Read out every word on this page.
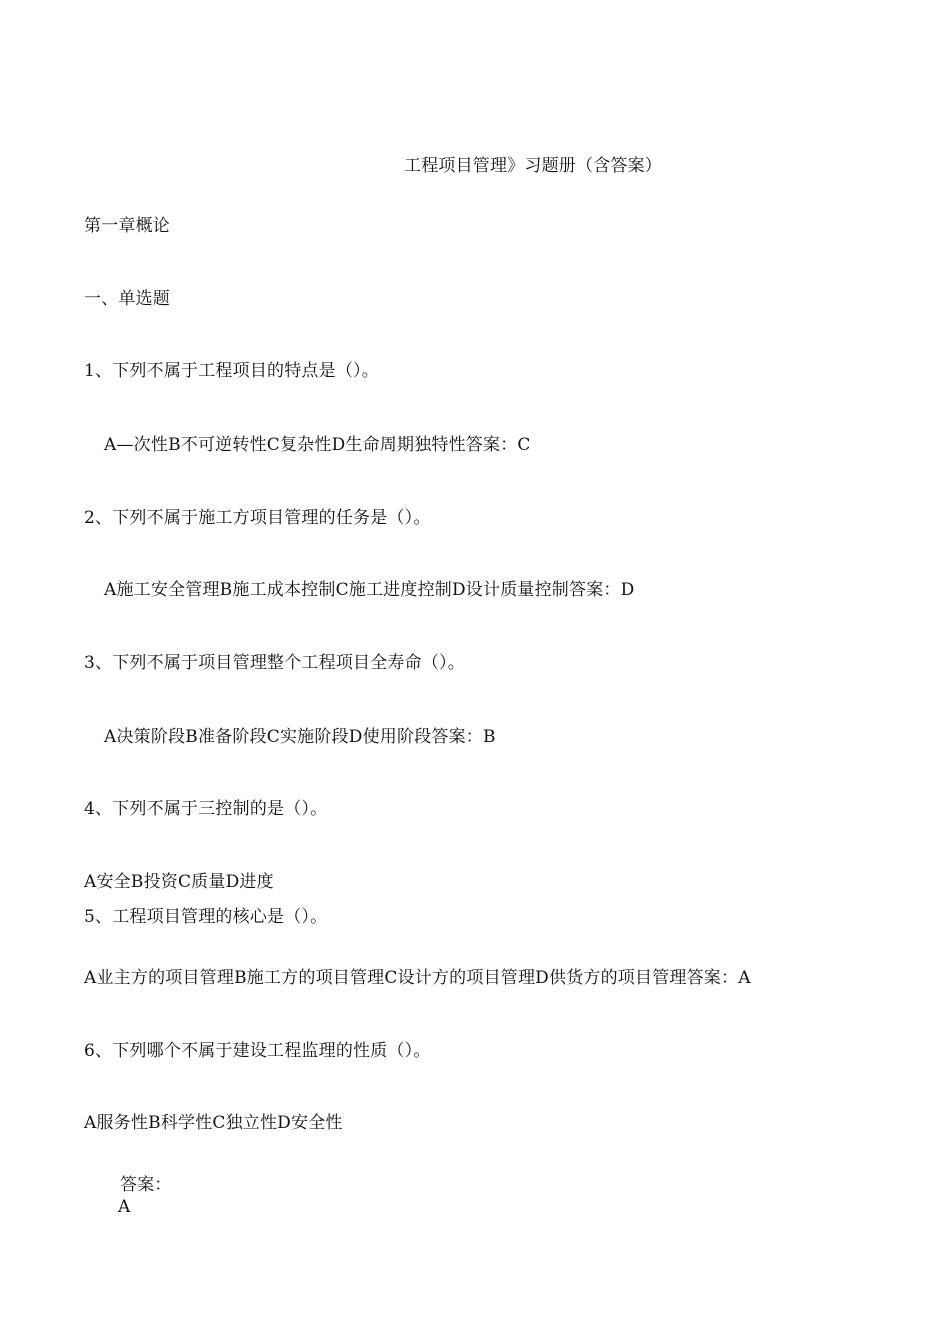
工程项目管理》习题册（含答案）
第一章概论
一、单选题
1、下列不属于工程项目的特点是（）。
A—次性B不可逆转性C复杂性D生命周期独特性答案：C
2、下列不属于施工方项目管理的任务是（）。
A施工安全管理B施工成本控制C施工进度控制D设计质量控制答案：D
3、下列不属于项目管理整个工程项目全寿命（）。
A决策阶段B准备阶段C实施阶段D使用阶段答案：B
4、下列不属于三控制的是（）。
A安全B投资C质量D进度
5、工程项目管理的核心是（）。
A业主方的项目管理B施工方的项目管理C设计方的项目管理D供货方的项目管理答案：A
6、下列哪个不属于建设工程监理的性质（）。
A服务性B科学性C独立性D安全性
答案：
A
